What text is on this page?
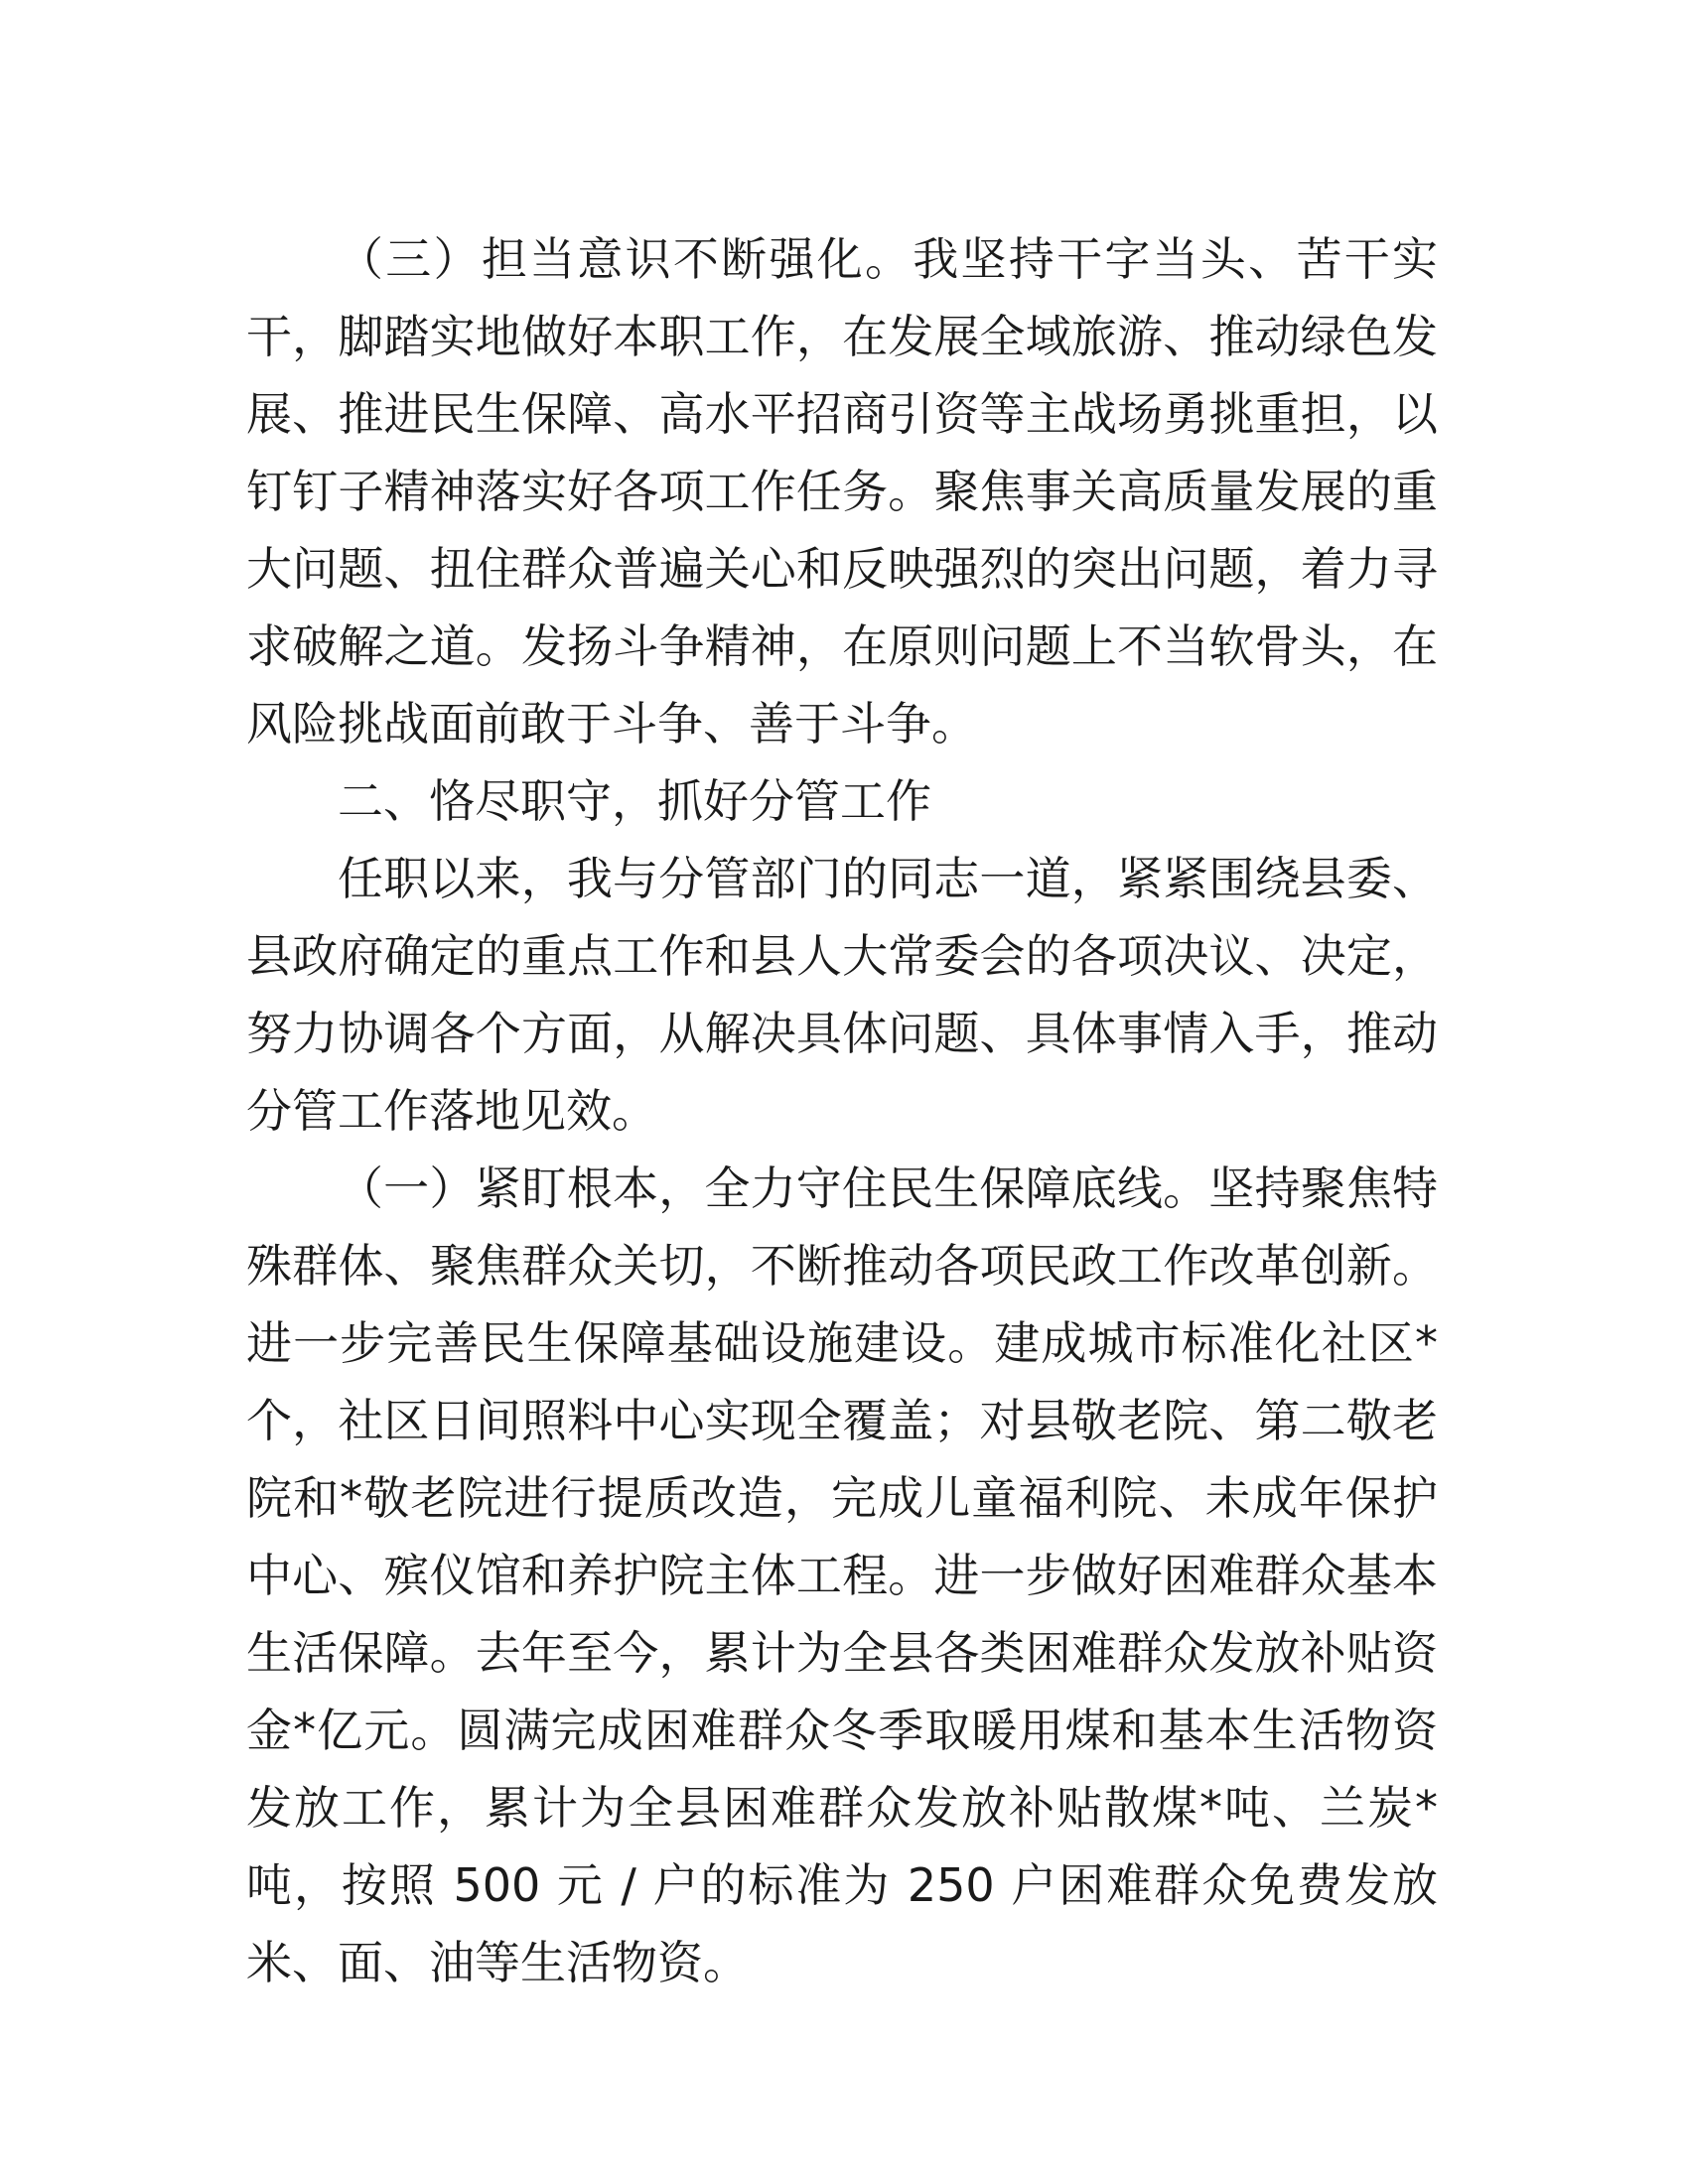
（三）担当意识不断强化。我坚持干字当头、苦干实干，脚踏实地做好本职工作，在发展全域旅游、推动绿色发展、推进民生保障、高水平招商引资等主战场勇挑重担，以钉钉子精神落实好各项工作任务。聚焦事关高质量发展的重大问题、扭住群众普遍关心和反映强烈的突出问题，着力寻求破解之道。发扬斗争精神，在原则问题上不当软骨头，在风险挑战面前敢于斗争、善于斗争。

二、恪尽职守，抓好分管工作

任职以来，我与分管部门的同志一道，紧紧围绕县委、县政府确定的重点工作和县人大常委会的各项决议、决定，努力协调各个方面，从解决具体问题、具体事情入手，推动分管工作落地见效。

（一）紧盯根本，全力守住民生保障底线。坚持聚焦特殊群体、聚焦群众关切，不断推动各项民政工作改革创新。进一步完善民生保障基础设施建设。建成城市标准化社区*个，社区日间照料中心实现全覆盖；对县敬老院、第二敬老院和*敬老院进行提质改造，完成儿童福利院、未成年保护中心、殡仪馆和养护院主体工程。进一步做好困难群众基本生活保障。去年至今，累计为全县各类困难群众发放补贴资金*亿元。圆满完成困难群众冬季取暖用煤和基本生活物资发放工作，累计为全县困难群众发放补贴散煤*吨、兰炭*吨，按照 500 元 / 户的标准为 250 户困难群众免费发放米、面、油等生活物资。
